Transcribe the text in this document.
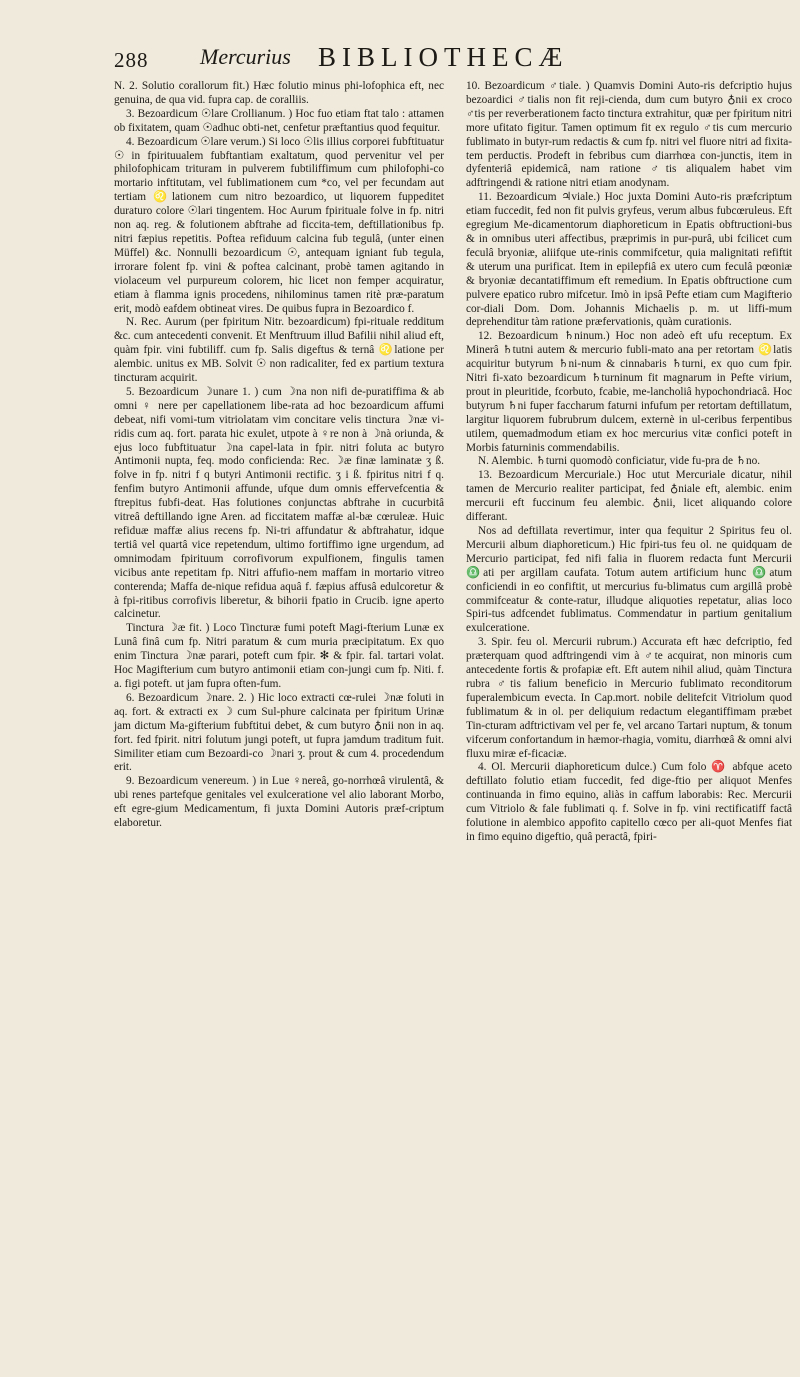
288 Mercurius BIBLIOTHECÆ

N. 2. Solutio corallorum fit.) Hæc folutio minus phi-lofophica eft, nec genuina, de qua vid. fupra cap. de coralliis.

3. Bezoardicum ☉lare Crollianum. ) Hoc fuo etiam ftat talo : attamen ob fixitatem, quam ☉adhuc obti-net, cenfetur præftantius quod fequitur.

4. Bezoardicum ☉lare verum.) Si loco ☉lis illius corporei fubftituatur ☉ in fpirituualem fubftantiam exaltatum, quod pervenitur vel per philofophicam trituram in pulverem fubtiliffimum cum philofophi-co mortario inftitutam, vel fublimationem cum *co, vel per fecundam aut tertiam ♌lationem cum nitro bezoardico, ut liquorem fuppeditet duraturo colore ☉lari tingentem. Hoc Aurum fpirituale folve in fp. nitri non aq. reg. & folutionem abftrahe ad ficcita-tem, deftillationibus fp. nitri fæpius repetitis. Poftea refiduum calcina fub tegulâ, (unter einen Müffel) &c. Nonnulli bezoardicum ☉, antequam igniant fub tegula, irrorare folent fp. vini & poftea calcinant, probè tamen agitando in violaceum vel purpureum colorem, hic licet non femper acquiratur, etiam à flamma ignis procedens, nihilominus tamen ritè præ-paratum erit, modò eafdem obtineat vires. De quibus fupra in Bezoardico f.

N. Rec. Aurum (per fpiritum Nitr. bezoardicum) fpi-rituale redditum &c. cum antecedenti convenit. Et Menftruum illud Bafilii nihil aliud eft, quàm fpir. vini fubtiliff. cum fp. Salis digeftus & ternâ ♌latione per alembic. unitus ex MB. Solvit ☉ non radicaliter, fed ex partium textura tincturam acquirit.

5. Bezoardicum ☽unare 1. ) cum ☽na non nifi de-puratiffima & ab omni ♀ nere per capellationem libe-rata ad hoc bezoardicum affumi debeat, nifi vomi-tum vitriolatam vim concitare velis tinctura ☽næ vi-ridis cum aq. fort. parata hic exulet, utpote à ♀re non à ☽nà oriunda, & ejus loco fubftituatur ☽na capel-lata in fpir. nitri foluta ac butyro Antimonii nupta, feq. modo conficienda: Rec. ☽æ finæ laminatæ ʒ ß. folve in fp. nitri f q butyri Antimonii rectific. ʒ i ß. fpiritus nitri f q. fenfim butyro Antimonii affunde, ufque dum omnis effervefcentia & ftrepitus fubfi-deat. Has folutiones conjunctas abftrahe in cucurbitâ vitreâ deftillando igne Aren. ad ficcitatem maffæ al-bæ cœruleæ. Huic refiduæ maffæ alius recens fp. Ni-tri affundatur & abftrahatur, idque tertiâ vel quartâ vice repetendum, ultimo fortiffimo igne urgendum, ad omnimodam fpirituum corrofivorum expulfionem, fingulis tamen vicibus ante repetitam fp. Nitri affufio-nem maffam in mortario vitreo conterenda; Maffa de-nique refidua aquâ f. fæpius affusâ edulcoretur & à fpi-ritibus corrofivis liberetur, & bihorii fpatio in Crucib. igne aperto calcinetur.

Tinctura ☽æ fit. ) Loco Tincturæ fumi poteft Magi-fterium Lunæ ex Lunâ finâ cum fp. Nitri paratum & cum muria præcipitatum. Ex quo enim Tinctura ☽næ parari, poteft cum fpir. ✻ & fpir. fal. tartari volat. Hoc Magifterium cum butyro antimonii etiam con-jungi cum fp. Niti. f. a. figi poteft. ut jam fupra often-fum.

6. Bezoardicum ☽nare. 2. ) Hic loco extracti cœ-rulei ☽næ foluti in aq. fort. & extracti ex ☽ cum Sul-phure calcinata per fpiritum Urinæ jam dictum Ma-gifterium fubftitui debet, & cum butyro ♁nii non in aq. fort. fed fpirit. nitri folutum jungi poteft, ut fupra jamdum traditum fuit. Similiter etiam cum Bezoardi-co ☽nari ʒ. prout & cum 4. procedendum erit.

9. Bezoardicum venereum. ) in Lue ♀nereâ, go-norrhœâ virulentâ, & ubi renes partefque genitales vel exulceratione vel alio laborant Morbo, eft egre-gium Medicamentum, fi juxta Domini Autoris præf-criptum elaboretur.

10. Bezoardicum ♂tiale. ) Quamvis Domini Auto-ris defcriptio hujus bezoardici ♂tialis non fit reji-cienda, dum cum butyro ♁nii ex croco ♂tis per reverberationem facto tinctura extrahitur, quæ per fpiritum nitri more ufitato figitur. Tamen optimum fit ex regulo ♂tis cum mercurio fublimato in butyr-rum redactis & cum fp. nitri vel fluore nitri ad fixita-tem perductis. Prodeft in febribus cum diarrhœa con-junctis, item in dyfenteriâ epidemicâ, nam ratione ♂tis aliqualem habet vim adftringendi & ratione nitri etiam anodynam.

11. Bezoardicum ♃viale.) Hoc juxta Domini Auto-ris præfcriptum etiam fuccedit, fed non fit pulvis gryfeus, verum albus fubcœruleus. Eft egregium Me-dicamentorum diaphoreticum in Epatis obftructioni-bus & in omnibus uteri affectibus, præprimis in pur-purâ, ubi fcilicet cum feculâ bryoniæ, aliifque ute-rinis commifcetur, quia malignitati refiftit & uterum una purificat. Item in epilepfiâ ex utero cum feculâ pœoniæ & bryoniæ decantatiffimum eft remedium. In Epatis obftructione cum pulvere epatico rubro mifcetur. Imò in ipsâ Pefte etiam cum Magifterio cor-diali Dom. Dom. Johannis Michaelis p. m. ut liffi-mum deprehenditur tàm ratione præfervationis, quàm curationis.

12. Bezoardicum ♄ninum.) Hoc non adeò eft ufu receptum. Ex Minerâ ♄tutni autem & mercurio fubli-mato ana per retortam ♌latis acquiritur butyrum ♄ni-num & cinnabaris ♄turni, ex quo cum fpir. Nitri fi-xato bezoardicum ♄turninum fit magnarum in Pefte virium, prout in pleuritide, fcorbuto, fcabie, me-lancholiâ hypochondriacâ. Hoc butyrum ♄ni fuper faccharum faturni infufum per retortam deftillatum, largitur liquorem fubrubrum dulcem, externè in ul-ceribus ferpentibus utilem, quemadmodum etiam ex hoc mercurius vitæ confici poteft in Morbis faturninis commendabilis.

N. Alembic. ♄turni quomodò conficiatur, vide fu-pra de ♄no.

13. Bezoardicum Mercuriale.) Hoc utut Mercuriale dicatur, nihil tamen de Mercurio realiter participat, fed ♁niale eft, alembic. enim mercurii eft fuccinum feu alembic. ♁nii, licet aliquando colore differant.

Nos ad deftillata revertimur, inter qua fequitur 2 Spiritus feu ol. Mercurii album diaphoreticum.) Hic fpiri-tus feu ol. ne quidquam de Mercurio participat, fed nifi falia in fluorem redacta funt Mercurii ♎ati per argillam caufata. Totum autem artificium hunc ♎atum conficiendi in eo confiftit, ut mercurius fu-blimatus cum argillâ probè commifceatur & conte-ratur, illudque aliquoties repetatur, alias loco Spiri-tus adfcendet fublimatus. Commendatur in partium genitalium exulceratione.

3. Spir. feu ol. Mercurii rubrum.) Accurata eft hæc defcriptio, fed præterquam quod adftringendi vim à ♂te acquirat, non minoris cum antecedente fortis & profapiæ eft. Eft autem nihil aliud, quàm Tinctura rubra ♂tis falium beneficio in Mercurio fublimato reconditorum fuperalembicum evecta. In Cap.mort. nobile delitefcit Vitriolum quod fublimatum & in ol. per deliquium redactum elegantiffimam præbet Tin-cturam adftrictivam vel per fe, vel arcano Tartari nuptum, & tonum vifcerum confortandum in hæmor-rhagia, vomitu, diarrhœâ & omni alvi fluxu miræ ef-ficaciæ.

4. Ol. Mercurii diaphoreticum dulce.) Cum folo ♈ abfque aceto deftillato folutio etiam fuccedit, fed dige-ftio per aliquot Menfes continuanda in fimo equino, aliàs in caffum laborabis: Rec. Mercurii cum Vitriolo & fale fublimati q. f. Solve in fp. vini rectificatiff factâ folutione in alembico appofito capitello cœco per ali-quot Menfes fiat in fimo equino digeftio, quâ peractâ, fpiri-
